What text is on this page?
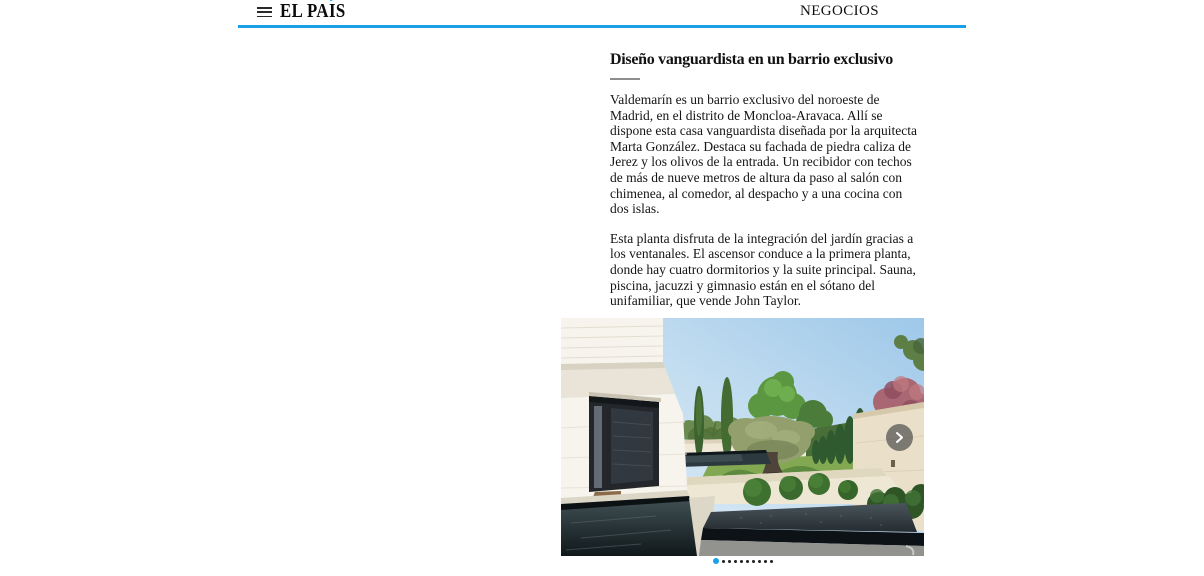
EL PAI
S	NEGOCIOS
Diseño vanguardista en un barrio exclusivo

Valdemarín es un barrio exclusivo del noroeste de Madrid, en el distrito de Moncloa-Aravaca. Allí se dispone esta casa vanguardista diseñada por la arquitecta Marta González. Destaca su fachada de piedra caliza de Jerez y los olivos de la entrada. Un recibidor con techos de más de nueve metros de altura da paso al salón con chimenea, al comedor, al despacho y a una cocina con dos islas.

Esta planta disfruta de la integración del jardín gracias a los ventanales. El ascensor conduce a la primera planta, donde hay cuatro dormitorios y la suite principal. Sauna, piscina, jacuzzi y gimnasio están en el sótano del unifamiliar, que vende John Taylor.
